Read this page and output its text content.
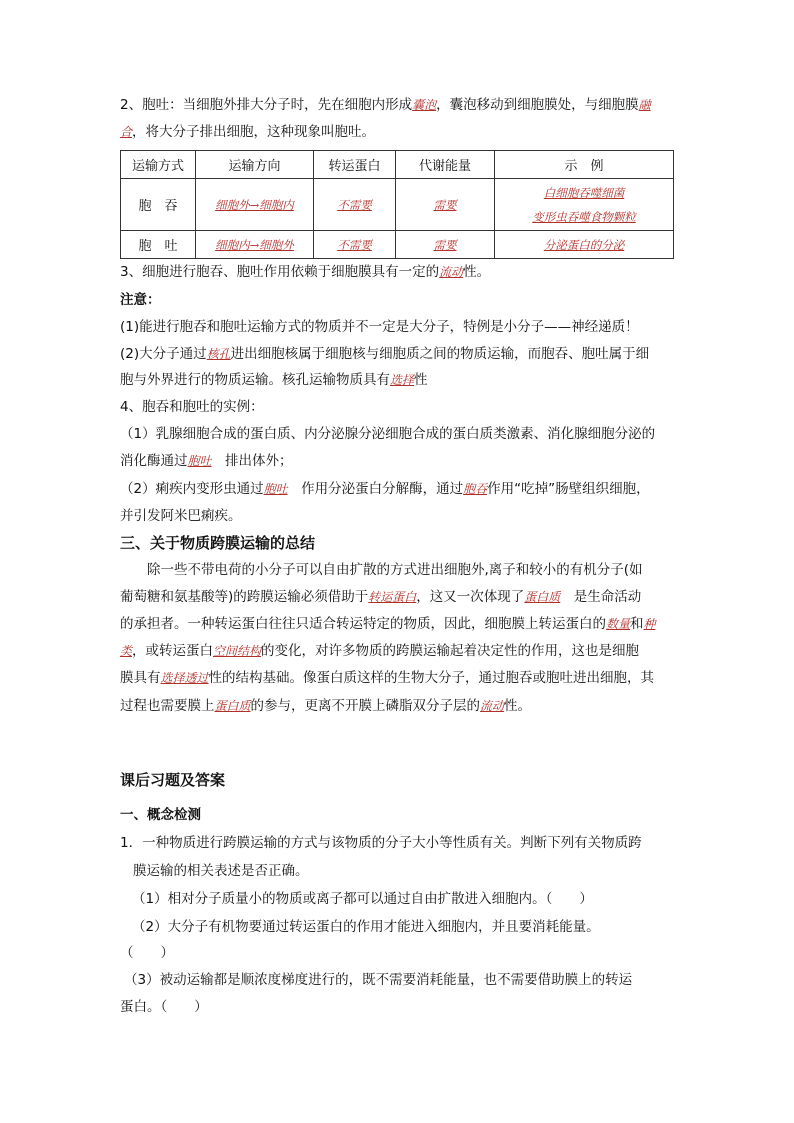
2、胞吐：当细胞外排大分子时，先在细胞内形成囊泡，囊泡移动到细胞膜处，与细胞膜融
合，将大分子排出细胞，这种现象叫胞吐。
运输方式	运输方向	转运蛋白	代谢能量	示　例
胞　吞	细胞外→细胞内	不需要	需要	白细胞吞噬细菌
变形虫吞噬食物颗粒

胞　吐	细胞内→细胞外	不需要	需要	分泌蛋白的分泌
3、细胞进行胞吞、胞吐作用依赖于细胞膜具有一定的流动性。
注意：
(1)能进行胞吞和胞吐运输方式的物质并不一定是大分子，特例是小分子——神经递质！
(2)大分子通过核孔进出细胞核属于细胞核与细胞质之间的物质运输，而胞吞、胞吐属于细
胞与外界进行的物质运输。核孔运输物质具有选择性
4、胞吞和胞吐的实例：
（1）乳腺细胞合成的蛋白质、内分泌腺分泌细胞合成的蛋白质类激素、消化腺细胞分泌的
消化酶通过胞吐　排出体外；
（2）痢疾内变形虫通过胞吐　作用分泌蛋白分解酶，通过胞吞作用“吃掉”肠壁组织细胞，
并引发阿米巴痢疾。
三、关于物质跨膜运输的总结
　　除一些不带电荷的小分子可以自由扩散的方式进出细胞外,离子和较小的有机分子(如
葡萄糖和氨基酸等)的跨膜运输必须借助于转运蛋白，这又一次体现了蛋白质　是生命活动
的承担者。一种转运蛋白往往只适合转运特定的物质，因此，细胞膜上转运蛋白的数量和种
类，或转运蛋白空间结构的变化，对许多物质的跨膜运输起着决定性的作用，这也是细胞
膜具有选择透过性的结构基础。像蛋白质这样的生物大分子，通过胞吞或胞吐进出细胞，其
过程也需要膜上蛋白质的参与，更离不开膜上磷脂双分子层的流动性。
课后习题及答案
一、概念检测
1．一种物质进行跨膜运输的方式与该物质的分子大小等性质有关。判断下列有关物质跨
膜运输的相关表述是否正确。
（1）相对分子质量小的物质或离子都可以通过自由扩散进入细胞内。（　　）
（2）大分子有机物要通过转运蛋白的作用才能进入细胞内，并且要消耗能量。
（　　）
（3）被动运输都是顺浓度梯度进行的，既不需要消耗能量，也不需要借助膜上的转运
蛋白。（　　）
